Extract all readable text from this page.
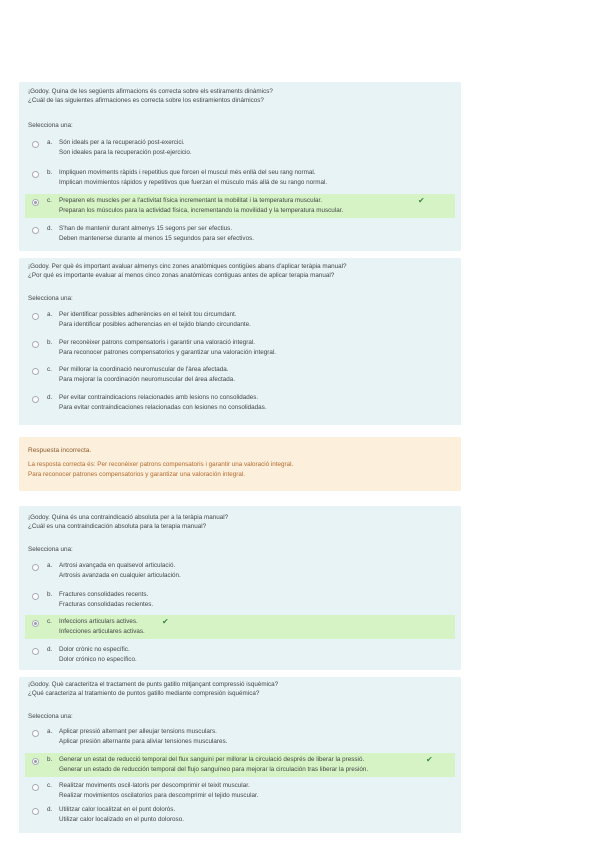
¡Godoy. Quina de les següents afirmacions és correcta sobre els estiraments dinàmics?
¿Cuál de las siguientes afirmaciones es correcta sobre los estiramientos dinámicos?
Selecciona una:
a. Són ideals per a la recuperació post-exercici.
Son ideales para la recuperación post-ejercicio.
b. Impliquen moviments ràpids i repetitius que forcen el muscul més enllà del seu rang normal.
Implican movimientos rápidos y repetitivos que fuerzan el músculo más allá de su rango normal.
c. Preparen els muscles per a l'activitat física incrementant la mobilitat i la temperatura muscular.
Preparan los músculos para la actividad física, incrementando la movilidad y la temperatura muscular.
✔
d. S'han de mantenir durant almenys 15 segons per ser efectius.
Deben mantenerse durante al menos 15 segundos para ser efectivos.
¡Godoy. Per què és important avaluar almenys cinc zones anatòmiques contigües abans d'aplicar teràpia manual?
¿Por qué es importante evaluar al menos cinco zonas anatómicas contiguas antes de aplicar terapia manual?
Selecciona una:
a. Per identificar possibles adherències en el teixit tou circumdant.
Para identificar posibles adherencias en el tejido blando circundante.
b. Per reconèixer patrons compensatoris i garantir una valoració integral.
Para reconocer patrones compensatorios y garantizar una valoración integral.
c. Per millorar la coordinació neuromuscular de l'àrea afectada.
Para mejorar la coordinación neuromuscular del área afectada.
d. Per evitar contraindicacions relacionades amb lesions no consolidades.
Para evitar contraindicaciones relacionadas con lesiones no consolidadas.
Respuesta incorrecta.
La resposta correcta és: Per reconèixer patrons compensatoris i garantir una valoració integral.
Para reconocer patrones compensatorios y garantizar una valoración integral.
¡Godoy. Quina és una contraindicació absoluta per a la teràpia manual?
¿Cuál es una contraindicación absoluta para la terapia manual?
Selecciona una:
a. Artrosi avançada en qualsevol articulació.
Artrosis avanzada en cualquier articulación.
b. Fractures consolidades recents.
Fracturas consolidadas recientes.
c. Infeccions articulars actives.
Infecciones articulares activas.
✔
d. Dolor crònic no específic.
Dolor crónico no específico.
¡Godoy. Què caracteritza el tractament de punts gatillo mitjançant compressió isquèmica?
¿Qué caracteriza al tratamiento de puntos gatillo mediante compresión isquémica?
Selecciona una:
a. Aplicar pressió alternant per alleujar tensions musculars.
Aplicar presión alternante para aliviar tensiones musculares.
b. Generar un estat de reducció temporal del flux sanguini per millorar la circulació després de liberar la pressió.
Generar un estado de reducción temporal del flujo sanguíneo para mejorar la circulación tras liberar la presión.
✔
c. Realitzar moviments oscil·latoris per descomprimir el teixit muscular.
Realizar movimientos oscilatorios para descomprimir el tejido muscular.
d. Utilitzar calor localitzat en el punt dolorós.
Utilizar calor localizado en el punto doloroso.
